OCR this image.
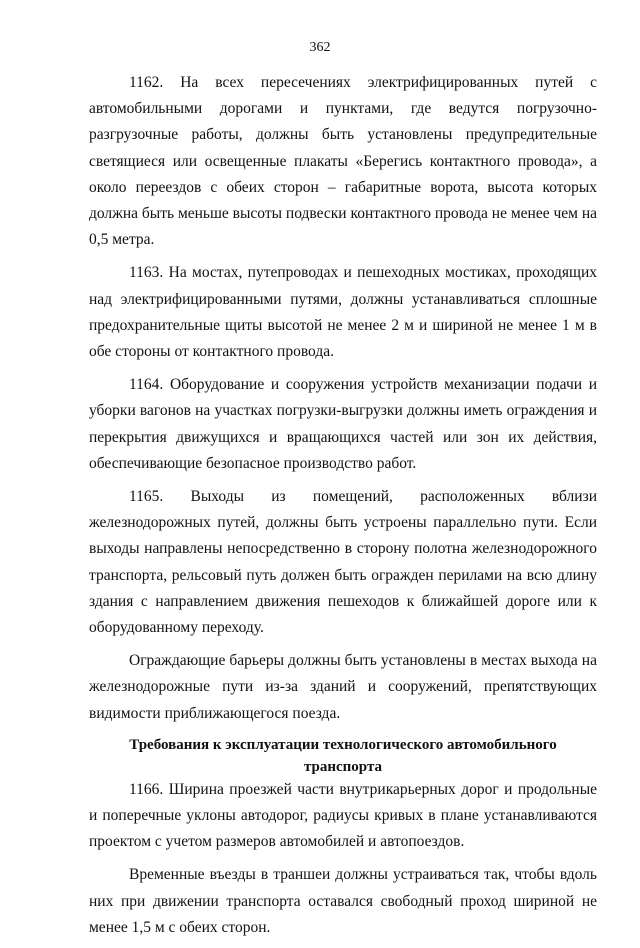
362

1162. На всех пересечениях электрифицированных путей с автомобильными дорогами и пунктами, где ведутся погрузочно-разгрузочные работы, должны быть установлены предупредительные светящиеся или освещенные плакаты «Берегись контактного провода», а около переездов с обеих сторон – габаритные ворота, высота которых должна быть меньше высоты подвески контактного провода не менее чем на 0,5 метра.

1163. На мостах, путепроводах и пешеходных мостиках, проходящих над электрифицированными путями, должны устанавливаться сплошные предохранительные щиты высотой не менее 2 м и шириной не менее 1 м в обе стороны от контактного провода.

1164. Оборудование и сооружения устройств механизации подачи и уборки вагонов на участках погрузки-выгрузки должны иметь ограждения и перекрытия движущихся и вращающихся частей или зон их действия, обеспечивающие безопасное производство работ.

1165. Выходы из помещений, расположенных вблизи железнодорожных путей, должны быть устроены параллельно пути. Если выходы направлены непосредственно в сторону полотна железнодорожного транспорта, рельсовый путь должен быть огражден перилами на всю длину здания с направлением движения пешеходов к ближайшей дороге или к оборудованному переходу.

Ограждающие барьеры должны быть установлены в местах выхода на железнодорожные пути из-за зданий и сооружений, препятствующих видимости приближающегося поезда.

Требования к эксплуатации технологического автомобильного транспорта

1166. Ширина проезжей части внутрикарьерных дорог и продольные и поперечные уклоны автодорог, радиусы кривых в плане устанавливаются проектом с учетом размеров автомобилей и автопоездов.

Временные въезды в траншеи должны устраиваться так, чтобы вдоль них при движении транспорта оставался свободный проход шириной не менее 1,5 м с обеих сторон.
